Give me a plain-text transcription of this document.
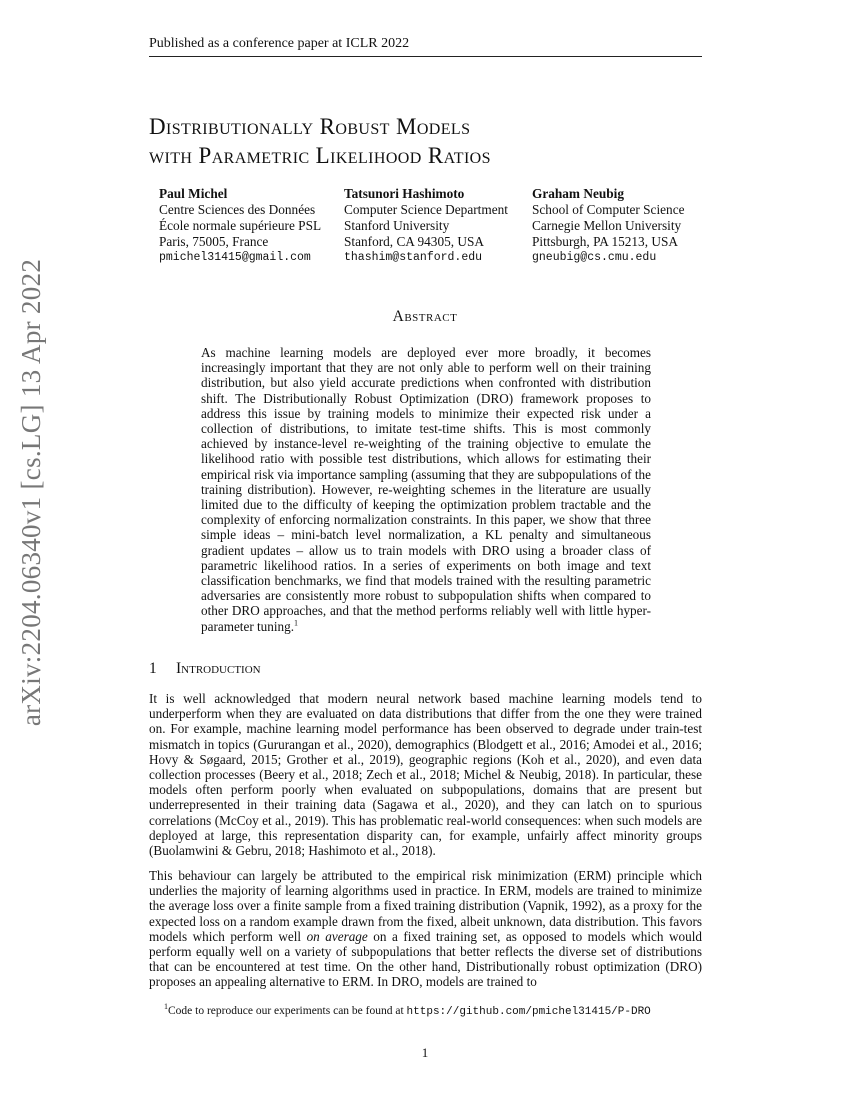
Published as a conference paper at ICLR 2022
arXiv:2204.06340v1 [cs.LG] 13 Apr 2022
Distributionally Robust Models
with Parametric Likelihood Ratios
Paul Michel
Centre Sciences des Données
École normale supérieure PSL
Paris, 75005, France
pmichel31415@gmail.com
Tatsunori Hashimoto
Computer Science Department
Stanford University
Stanford, CA 94305, USA
thashim@stanford.edu
Graham Neubig
School of Computer Science
Carnegie Mellon University
Pittsburgh, PA 15213, USA
gneubig@cs.cmu.edu
Abstract
As machine learning models are deployed ever more broadly, it becomes increasingly important that they are not only able to perform well on their training distribution, but also yield accurate predictions when confronted with distribution shift. The Distributionally Robust Optimization (DRO) framework proposes to address this issue by training models to minimize their expected risk under a collection of distributions, to imitate test-time shifts. This is most commonly achieved by instance-level re-weighting of the training objective to emulate the likelihood ratio with possible test distributions, which allows for estimating their empirical risk via importance sampling (assuming that they are subpopulations of the training distribution). However, re-weighting schemes in the literature are usually limited due to the difficulty of keeping the optimization problem tractable and the complexity of enforcing normalization constraints. In this paper, we show that three simple ideas – mini-batch level normalization, a KL penalty and simultaneous gradient updates – allow us to train models with DRO using a broader class of parametric likelihood ratios. In a series of experiments on both image and text classification benchmarks, we find that models trained with the resulting parametric adversaries are consistently more robust to subpopulation shifts when compared to other DRO approaches, and that the method performs reliably well with little hyper-parameter tuning.$^1$
1 Introduction

It is well acknowledged that modern neural network based machine learning models tend to underperform when they are evaluated on data distributions that differ from the one they were trained on. For example, machine learning model performance has been observed to degrade under train-test mismatch in topics (Gururangan et al., 2020), demographics (Blodgett et al., 2016; Amodei et al., 2016; Hovy & Søgaard, 2015; Grother et al., 2019), geographic regions (Koh et al., 2020), and even data collection processes (Beery et al., 2018; Zech et al., 2018; Michel & Neubig, 2018). In particular, these models often perform poorly when evaluated on subpopulations, domains that are present but underrepresented in their training data (Sagawa et al., 2020), and they can latch on to spurious correlations (McCoy et al., 2019). This has problematic real-world consequences: when such models are deployed at large, this representation disparity can, for example, unfairly affect minority groups (Buolamwini & Gebru, 2018; Hashimoto et al., 2018).

This behaviour can largely be attributed to the empirical risk minimization (ERM) principle which underlies the majority of learning algorithms used in practice. In ERM, models are trained to minimize the average loss over a finite sample from a fixed training distribution (Vapnik, 1992), as a proxy for the expected loss on a random example drawn from the fixed, albeit unknown, data distribution. This favors models which perform well on average on a fixed training set, as opposed to models which would perform equally well on a variety of subpopulations that better reflects the diverse set of distributions that can be encountered at test time. On the other hand, Distributionally robust optimization (DRO) proposes an appealing alternative to ERM. In DRO, models are trained to

$^1$Code to reproduce our experiments can be found at https://github.com/pmichel31415/P-DRO
1
